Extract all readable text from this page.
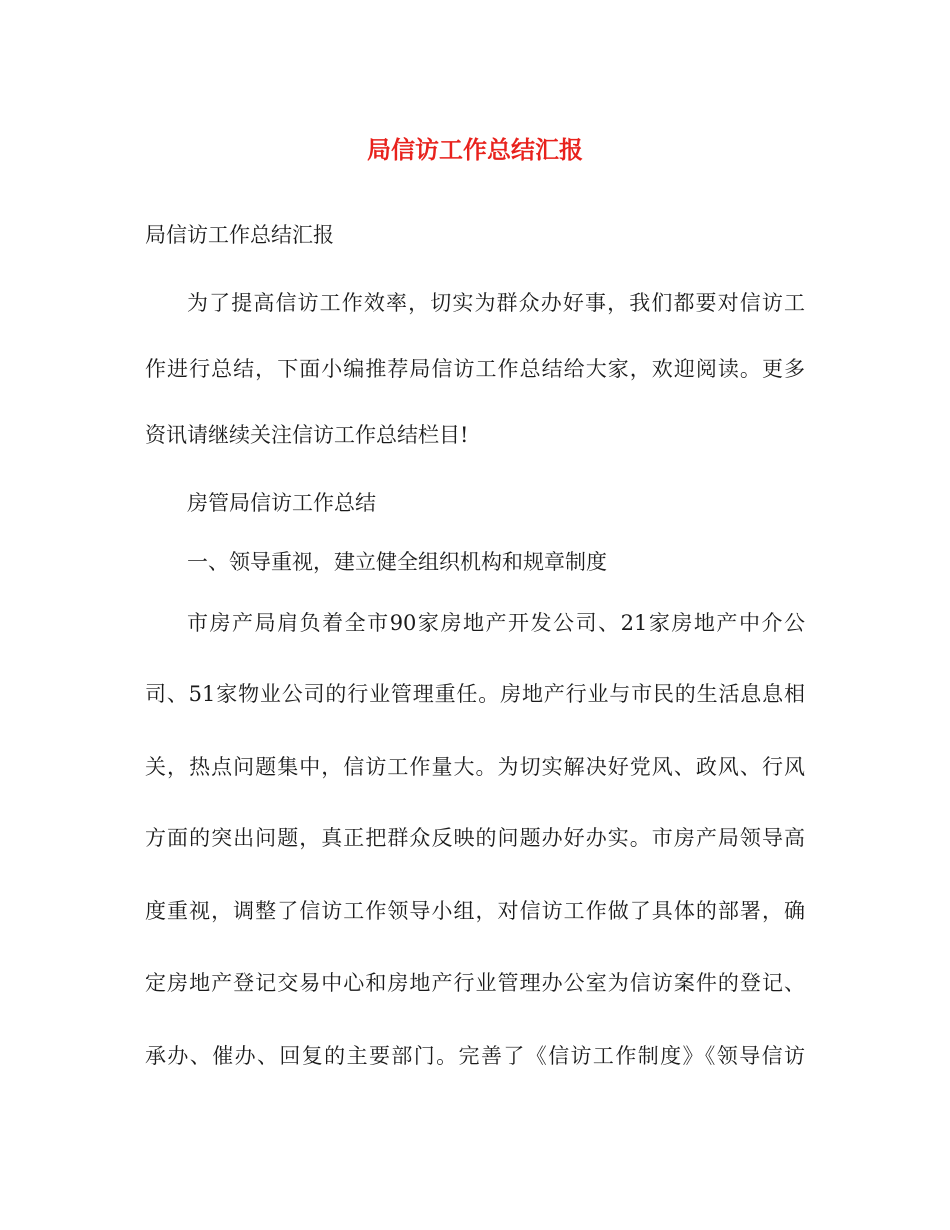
局信访工作总结汇报

局信访工作总结汇报

为了提高信访工作效率，切实为群众办好事，我们都要对信访工

作进行总结，下面小编推荐局信访工作总结给大家，欢迎阅读。更多

资讯请继续关注信访工作总结栏目!

房管局信访工作总结

一、领导重视，建立健全组织机构和规章制度

市房产局肩负着全市90家房地产开发公司、21家房地产中介公

司、51家物业公司的行业管理重任。房地产行业与市民的生活息息相

关，热点问题集中，信访工作量大。为切实解决好党风、政风、行风

方面的突出问题，真正把群众反映的问题办好办实。市房产局领导高

度重视，调整了信访工作领导小组，对信访工作做了具体的部署，确

定房地产登记交易中心和房地产行业管理办公室为信访案件的登记、

承办、催办、回复的主要部门。完善了《信访工作制度》《领导信访
